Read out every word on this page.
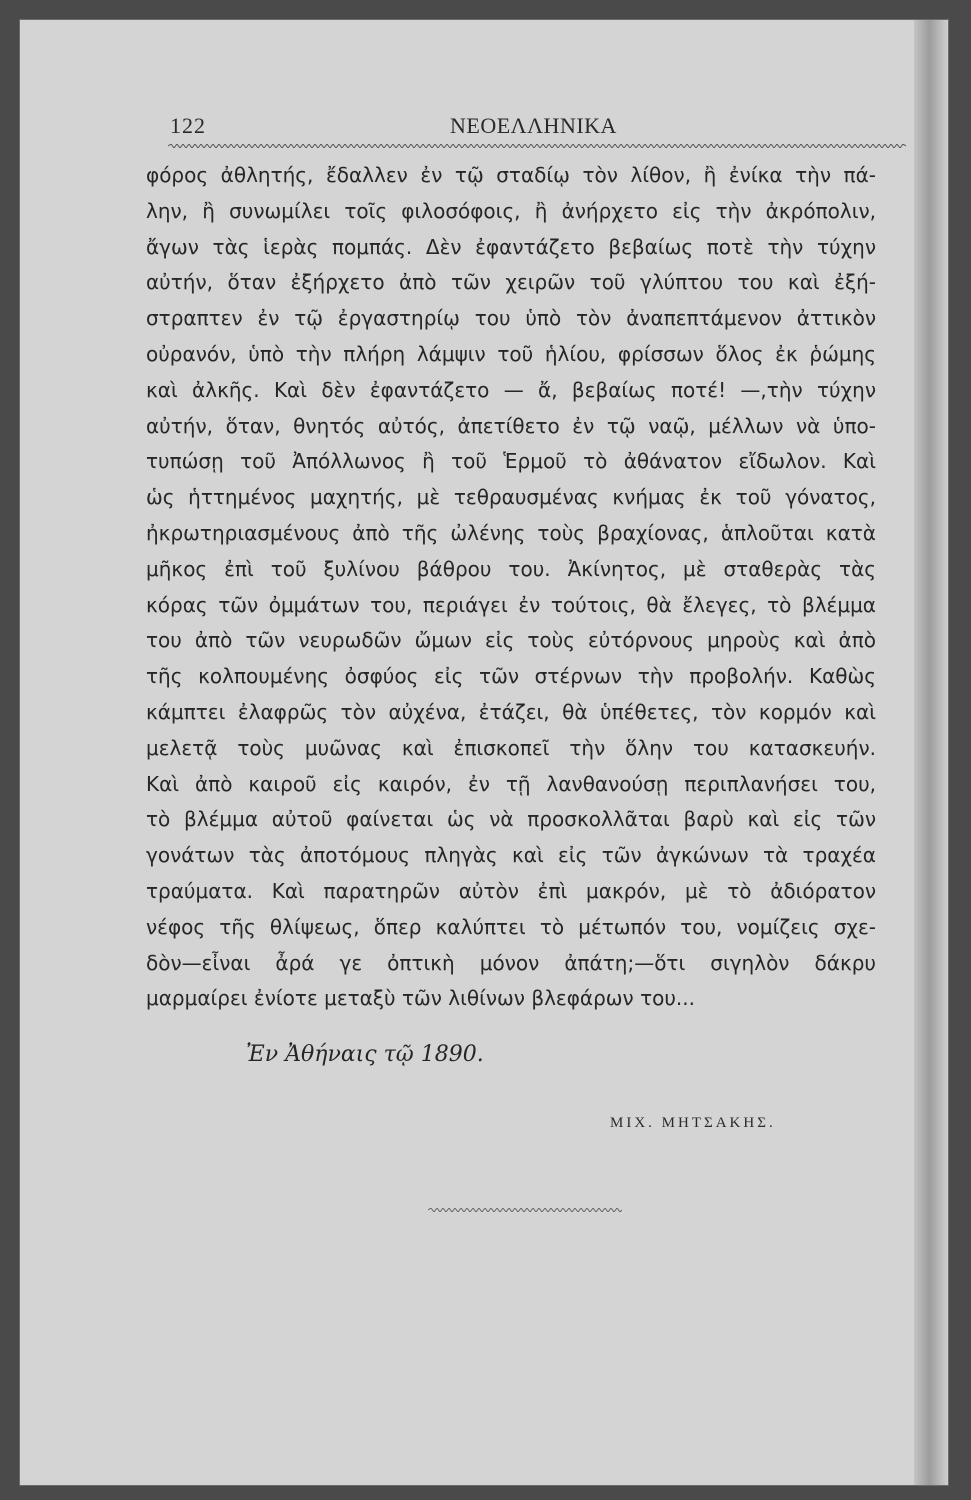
122	ΝΕΟΕΛΛΗΝΙΚΑ
φόρος ἀθλητής, ἔδαλλεν ἐν τῷ σταδίῳ τὸν λίθον, ἢ ἐνίκα τὴν πά-
λην, ἢ συνωμίλει τοῖς φιλοσόφοις, ἢ ἀνήρχετο εἰς τὴν ἀκρόπολιν,
ἄγων τὰς ἱερὰς πομπάς. Δὲν ἐφαντάζετο βεβαίως ποτὲ τὴν τύχην
αὐτήν, ὅταν ἐξήρχετο ἀπὸ τῶν χειρῶν τοῦ γλύπτου του καὶ ἐξή-
στραπτεν ἐν τῷ ἐργαστηρίῳ του ὑπὸ τὸν ἀναπεπτάμενον ἀττικὸν
οὐρανόν, ὑπὸ τὴν πλήρη λάμψιν τοῦ ἡλίου, φρίσσων ὅλος ἐκ ῥώμης
καὶ ἀλκῆς. Καὶ δὲν ἐφαντάζετο — ἄ, βεβαίως ποτέ! —,τὴν τύχην
αὐτήν, ὅταν, θνητός αὐτός, ἀπετίθετο ἐν τῷ ναῷ, μέλλων νὰ ὑπο-
τυπώσῃ τοῦ Ἀπόλλωνος ἢ τοῦ Ἑρμοῦ τὸ ἀθάνατον εἴδωλον. Καὶ
ὡς ἡττημένος μαχητής, μὲ τεθραυσμένας κνήμας ἐκ τοῦ γόνατος,
ἠκρωτηριασμένους ἀπὸ τῆς ὠλένης τοὺς βραχίονας, ἁπλοῦται κατὰ
μῆκος ἐπὶ τοῦ ξυλίνου βάθρου του. Ἀκίνητος, μὲ σταθερὰς τὰς
κόρας τῶν ὀμμάτων του, περιάγει ἐν τούτοις, θὰ ἔλεγες, τὸ βλέμμα
του ἀπὸ τῶν νευρωδῶν ὤμων εἰς τοὺς εὐτόρνους μηροὺς καὶ ἀπὸ
τῆς κολπουμένης ὀσφύος εἰς τῶν στέρνων τὴν προβολήν. Καθὼς
κάμπτει ἐλαφρῶς τὸν αὐχένα, ἐτάζει, θὰ ὑπέθετες, τὸν κορμόν καὶ
μελετᾷ τοὺς μυῶνας καὶ ἐπισκοπεῖ τὴν ὅλην του κατασκευήν.
Καὶ ἀπὸ καιροῦ εἰς καιρόν, ἐν τῇ λανθανούσῃ περιπλανήσει του,
τὸ βλέμμα αὐτοῦ φαίνεται ὡς νὰ προσκολλᾶται βαρὺ καὶ εἰς τῶν
γονάτων τὰς ἀποτόμους πληγὰς καὶ εἰς τῶν ἀγκώνων τὰ τραχέα
τραύματα. Καὶ παρατηρῶν αὐτὸν ἐπὶ μακρόν, μὲ τὸ ἀδιόρατον
νέφος τῆς θλίψεως, ὅπερ καλύπτει τὸ μέτωπόν του, νομίζεις σχε-
δὸν—εἶναι ἆρά γε ὀπτικὴ μόνον ἀπάτη;—ὅτι σιγηλὸν δάκρυ
μαρμαίρει ἐνίοτε μεταξὺ τῶν λιθίνων βλεφάρων του...
Ἐν Ἀθήναις τῷ 1890.
ΜΙΧ. ΜΗΤΣΑΚΗΣ.
